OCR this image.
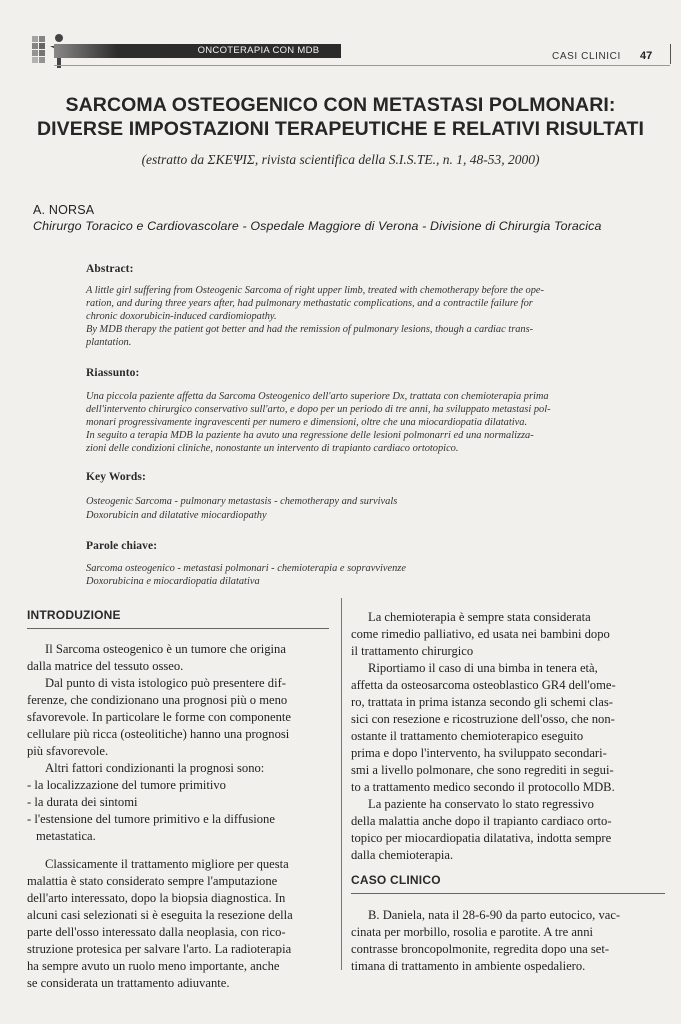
ONCOTERAPIA CON MDB
CASI CLINICI 47
SARCOMA OSTEOGENICO CON METASTASI POLMONARI:
DIVERSE IMPOSTAZIONI TERAPEUTICHE E RELATIVI RISULTATI
(estratto da ΣΚΕΨΙΣ, rivista scientifica della S.I.S.TE., n. 1, 48-53, 2000)
A. NORSA
Chirurgo Toracico e Cardiovascolare - Ospedale Maggiore di Verona - Divisione di Chirurgia Toracica
Abstract:
A little girl suffering from Osteogenic Sarcoma of right upper limb, treated with chemotherapy before the ope-
ration, and during three years after, had pulmonary methastatic complications, and a contractile failure for
chronic doxorubicin-induced cardiomiopathy.
By MDB therapy the patient got better and had the remission of pulmonary lesions, though a cardiac trans-
plantation.
Riassunto:
Una piccola paziente affetta da Sarcoma Osteogenico dell'arto superiore Dx, trattata con chemioterapia prima
dell'intervento chirurgico conservativo sull'arto, e dopo per un periodo di tre anni, ha sviluppato metastasi pol-
monari progressivamente ingravescenti per numero e dimensioni, oltre che una miocardiopatia dilatativa.
In seguito a terapia MDB la paziente ha avuto una regressione delle lesioni polmonarri ed una normalizza-
zioni delle condizioni cliniche, nonostante un intervento di trapianto cardiaco ortotopico.
Key Words:
Osteogenic Sarcoma - pulmonary metastasis - chemotherapy and survivals
Doxorubicin and dilatative miocardiopathy
Parole chiave:
Sarcoma osteogenico - metastasi polmonari - chemioterapia e sopravvivenze
Doxorubicina e miocardiopatia dilatativa
INTRODUZIONE
Il Sarcoma osteogenico è un tumore che origina
dalla matrice del tessuto osseo.
Dal punto di vista istologico può presentere dif-
ferenze, che condizionano una prognosi più o meno
sfavorevole. In particolare le forme con componente
cellulare più ricca (osteolitiche) hanno una prognosi
più sfavorevole.
Altri fattori condizionanti la prognosi sono:
- la localizzazione del tumore primitivo
- la durata dei sintomi
- l'estensione del tumore primitivo e la diffusione
metastatica.
Classicamente il trattamento migliore per questa
malattia è stato considerato sempre l'amputazione
dell'arto interessato, dopo la biopsia diagnostica. In
alcuni casi selezionati si è eseguita la resezione della
parte dell'osso interessato dalla neoplasia, con rico-
struzione protesica per salvare l'arto. La radioterapia
ha sempre avuto un ruolo meno importante, anche
se considerata un trattamento adiuvante.
La chemioterapia è sempre stata considerata
come rimedio palliativo, ed usata nei bambini dopo
il trattamento chirurgico
Riportiamo il caso di una bimba in tenera età,
affetta da osteosarcoma osteoblastico GR4 dell'ome-
ro, trattata in prima istanza secondo gli schemi clas-
sici con resezione e ricostruzione dell'osso, che non-
ostante il trattamento chemioterapico eseguito
prima e dopo l'intervento, ha sviluppato secondari-
smi a livello polmonare, che sono regrediti in segui-
to a trattamento medico secondo il protocollo MDB.
La paziente ha conservato lo stato regressivo
della malattia anche dopo il trapianto cardiaco orto-
topico per miocardiopatia dilatativa, indotta sempre
dalla chemioterapia.
CASO CLINICO
B. Daniela, nata il 28-6-90 da parto eutocico, vac-
cinata per morbillo, rosolia e parotite. A tre anni
contrasse broncopolmonite, regredita dopo una set-
timana di trattamento in ambiente ospedaliero.
